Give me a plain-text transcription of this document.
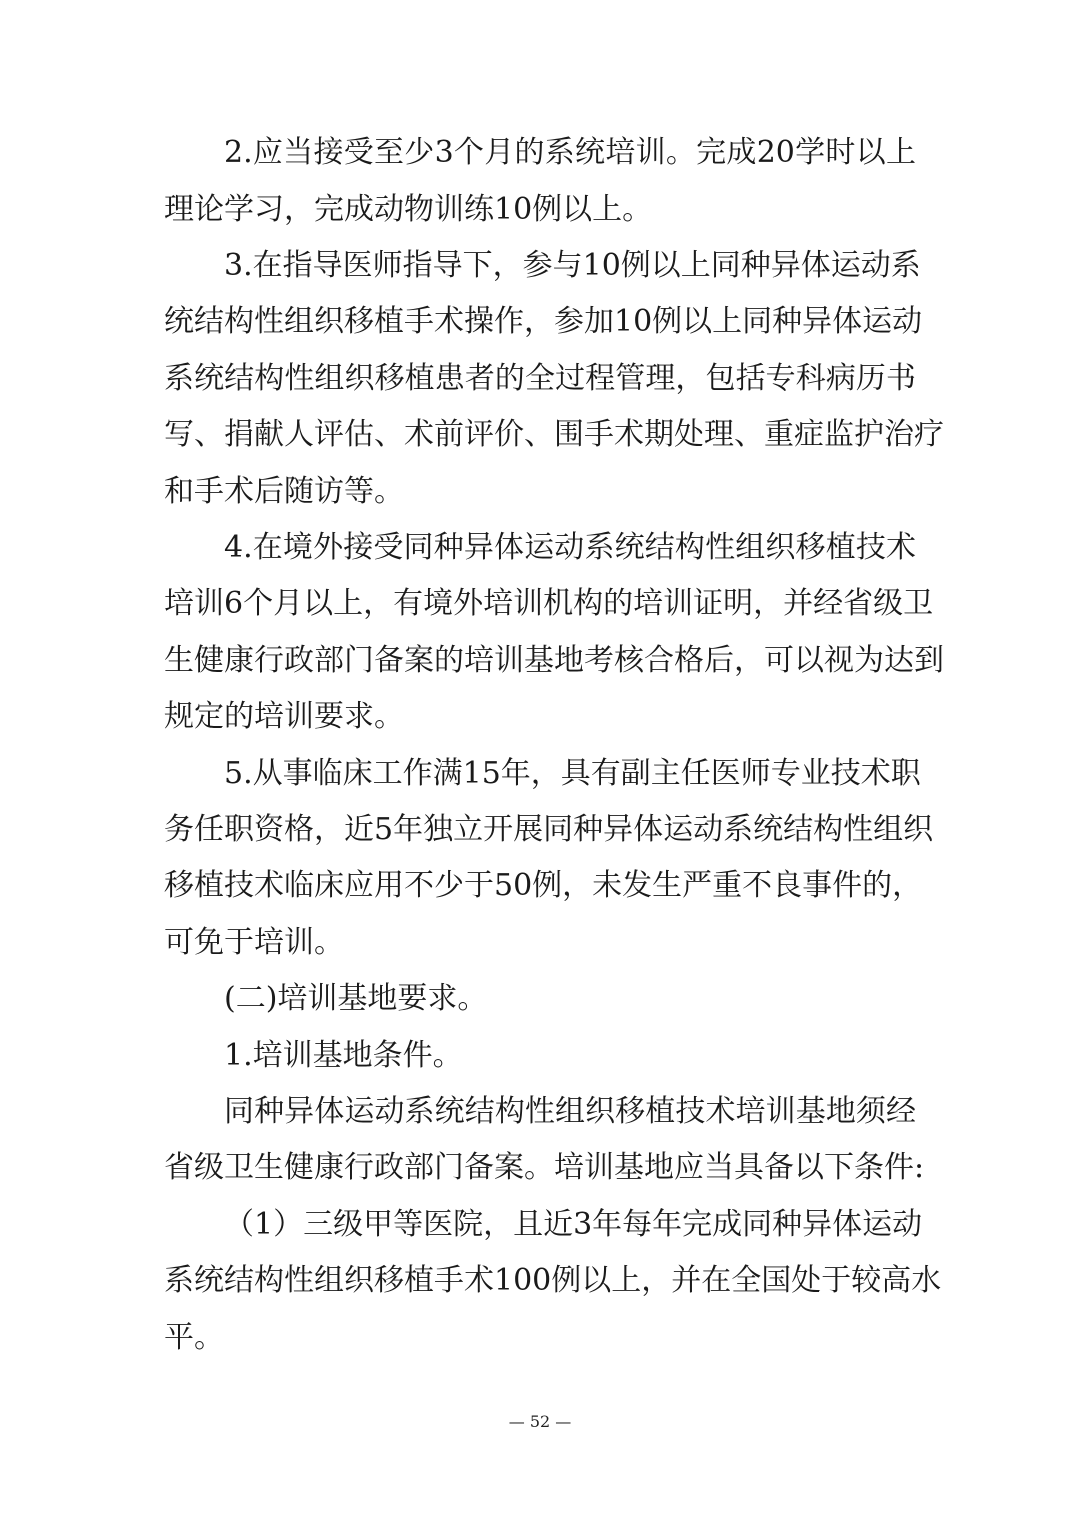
2.应当接受至少3个月的系统培训。完成20学时以上
理论学习，完成动物训练10例以上。
3.在指导医师指导下，参与10例以上同种异体运动系
统结构性组织移植手术操作，参加10例以上同种异体运动
系统结构性组织移植患者的全过程管理，包括专科病历书
写、捐献人评估、术前评价、围手术期处理、重症监护治疗
和手术后随访等。
4.在境外接受同种异体运动系统结构性组织移植技术
培训6个月以上，有境外培训机构的培训证明，并经省级卫
生健康行政部门备案的培训基地考核合格后，可以视为达到
规定的培训要求。
5.从事临床工作满15年，具有副主任医师专业技术职
务任职资格，近5年独立开展同种异体运动系统结构性组织
移植技术临床应用不少于50例，未发生严重不良事件的，
可免于培训。
(二)培训基地要求。
1.培训基地条件。
同种异体运动系统结构性组织移植技术培训基地须经
省级卫生健康行政部门备案。培训基地应当具备以下条件:
（1）三级甲等医院，且近3年每年完成同种异体运动
系统结构性组织移植手术100例以上，并在全国处于较高水
平。
— 52 —
